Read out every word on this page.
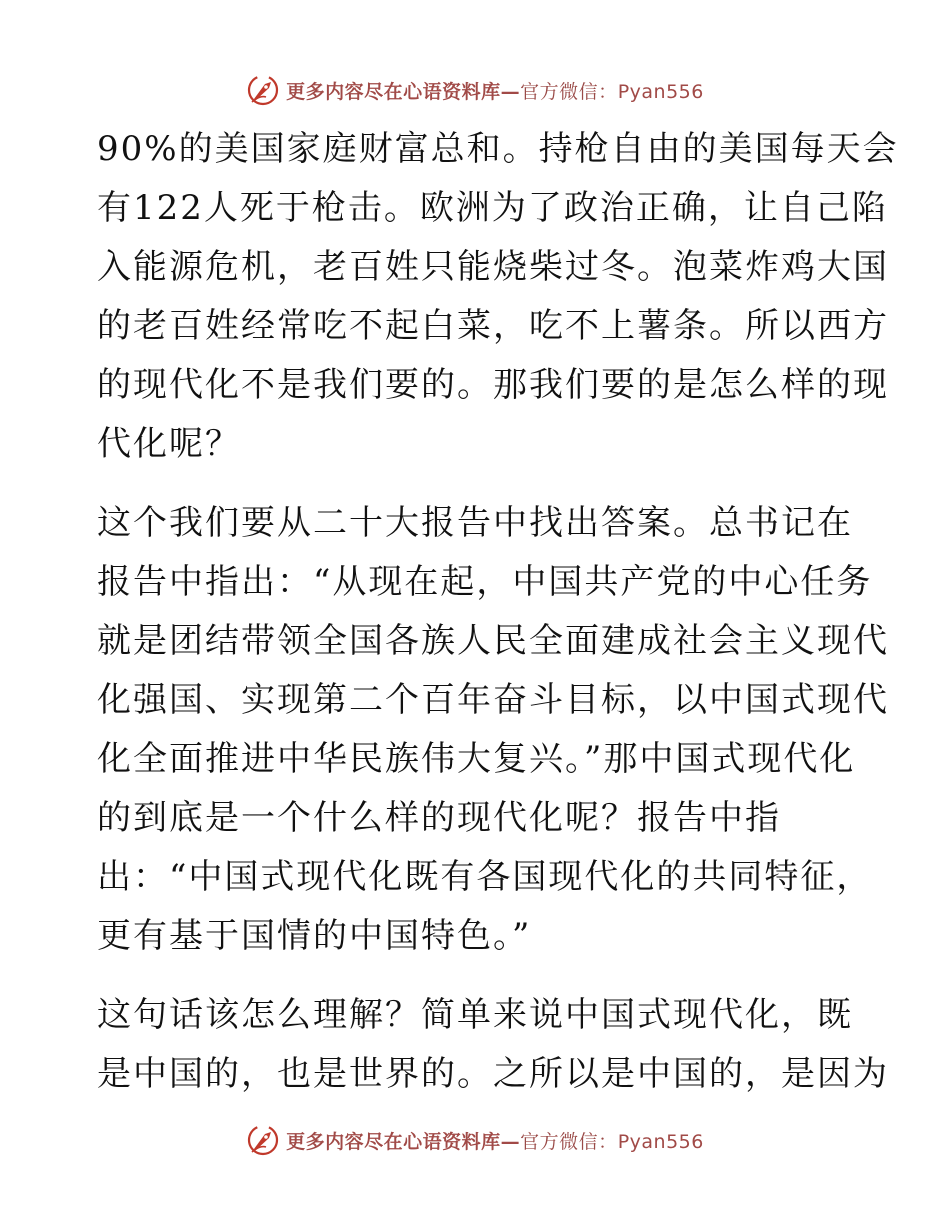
更多内容尽在心语资料库—官方微信：Pyan556
90%的美国家庭财富总和。持枪自由的美国每天会
有122人死于枪击。欧洲为了政治正确，让自己陷
入能源危机，老百姓只能烧柴过冬。泡菜炸鸡大国
的老百姓经常吃不起白菜，吃不上薯条。所以西方
的现代化不是我们要的。那我们要的是怎么样的现
代化呢？
这个我们要从二十大报告中找出答案。总书记在
报告中指出：“从现在起，中国共产党的中心任务
就是团结带领全国各族人民全面建成社会主义现代
化强国、实现第二个百年奋斗目标，以中国式现代
化全面推进中华民族伟大复兴。”那中国式现代化
的到底是一个什么样的现代化呢？报告中指
出：“中国式现代化既有各国现代化的共同特征，
更有基于国情的中国特色。”
这句话该怎么理解？简单来说中国式现代化，既
是中国的，也是世界的。之所以是中国的，是因为
更多内容尽在心语资料库—官方微信：Pyan556
